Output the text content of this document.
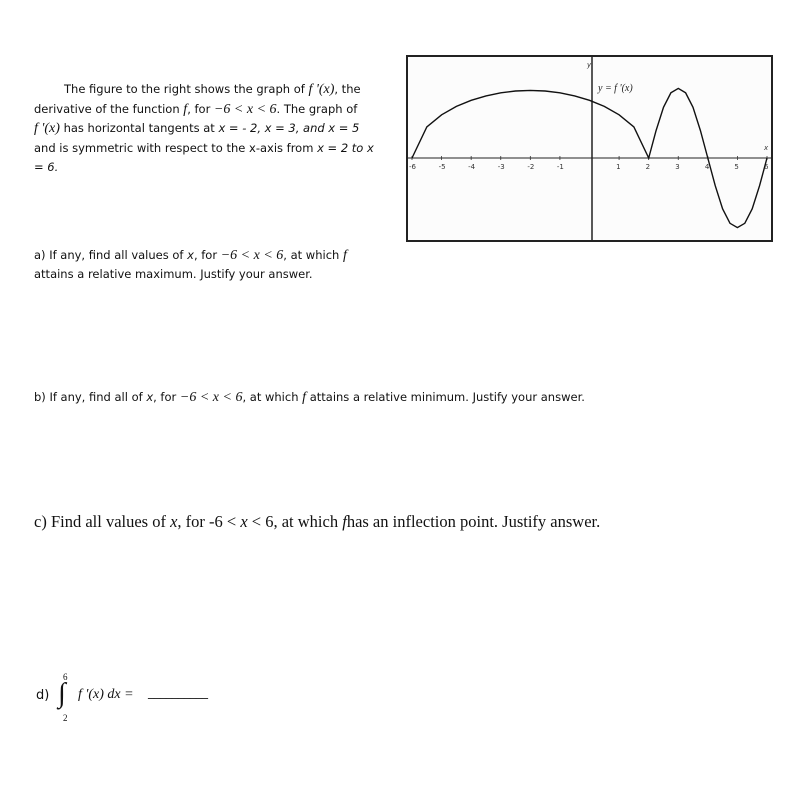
The figure to the right shows the graph of f '(x), the derivative of the function f, for −6 < x < 6. The graph of

f '(x) has horizontal tangents at x = - 2, x = 3, and x = 5

and is symmetric with respect to the x-axis from x = 2 to x = 6.

y
x
y = f '(x)
-6	-5	-4	-3	-2	-1	1	2	3	4	5	6
a) If any, find all values of x, for −6 < x < 6, at which f
attains a relative maximum. Justify your answer.
b) If any, find all of x, for −6 < x < 6, at which f attains a relative minimum. Justify your answer.
c) Find all values of x, for -6 < x < 6, at which fhas an inflection point. Justify answer.
d)
6
∫
2
f '(x) dx = __________
